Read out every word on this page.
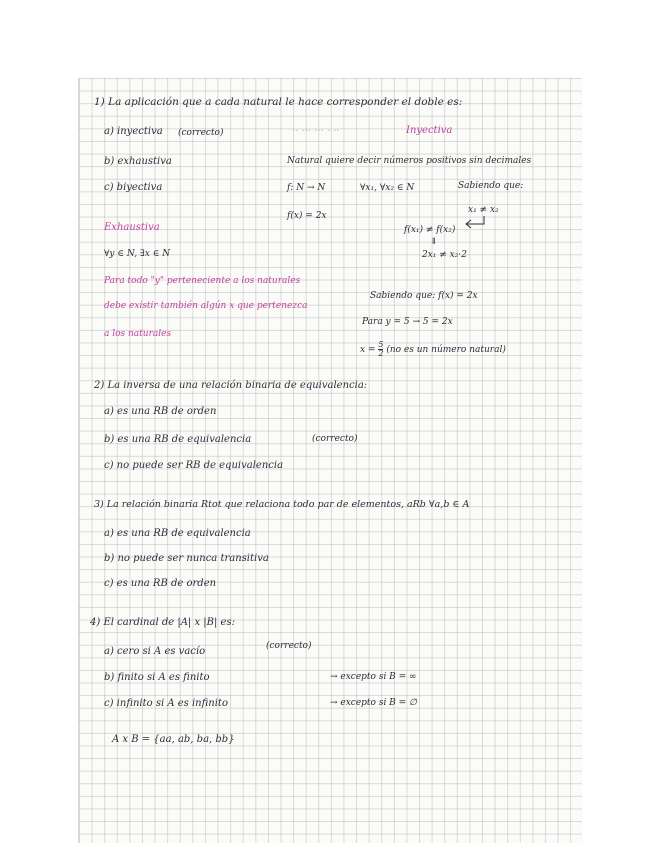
1) La aplicación que a cada natural le hace corresponder el doble es:
a) inyectiva (correcto)	·· ··· ··· · ··	Inyectiva
b) exhaustiva	Natural quiere decir números positivos sin decimales
c) biyectiva	f: N → N	∀x₁, ∀x₂ ∈ N	Sabiendo que:
Exhaustiva
f(x) = 2x
x₁ ≠ x₂
f(x₁) ≠ f(x₂)
⇓
2x₁ ≠ x₂·2
∀y ∈ N, ∃x ∈ N
Para todo "y" perteneciente a los naturales
debe existir también algún x que pertenezca
a los naturales
Sabiendo que: f(x) = 2x
Para y = 5 → 5 = 2x
$x = \frac{5}{2} (no$ es un número natural)
2) La inversa de una relación binaria de equivalencia:
a) es una RB de orden
b) es una RB de equivalencia	(correcto)
c) no puede ser RB de equivalencia
3) La relación binaria Rtot que relaciona todo par de elementos, aRb ∀a,b ∈ A
a) es una RB de equivalencia
b) no puede ser nunca transitiva
c) es una RB de orden
4) El cardinal de |A| x |B| es:
a) cero si A es vacío	(correcto)
b) finito si A es finito	→ excepto si B = ∞
c) infinito si A es infinito	→ excepto si B = ∅
A x B = {aa, ab, ba, bb}
